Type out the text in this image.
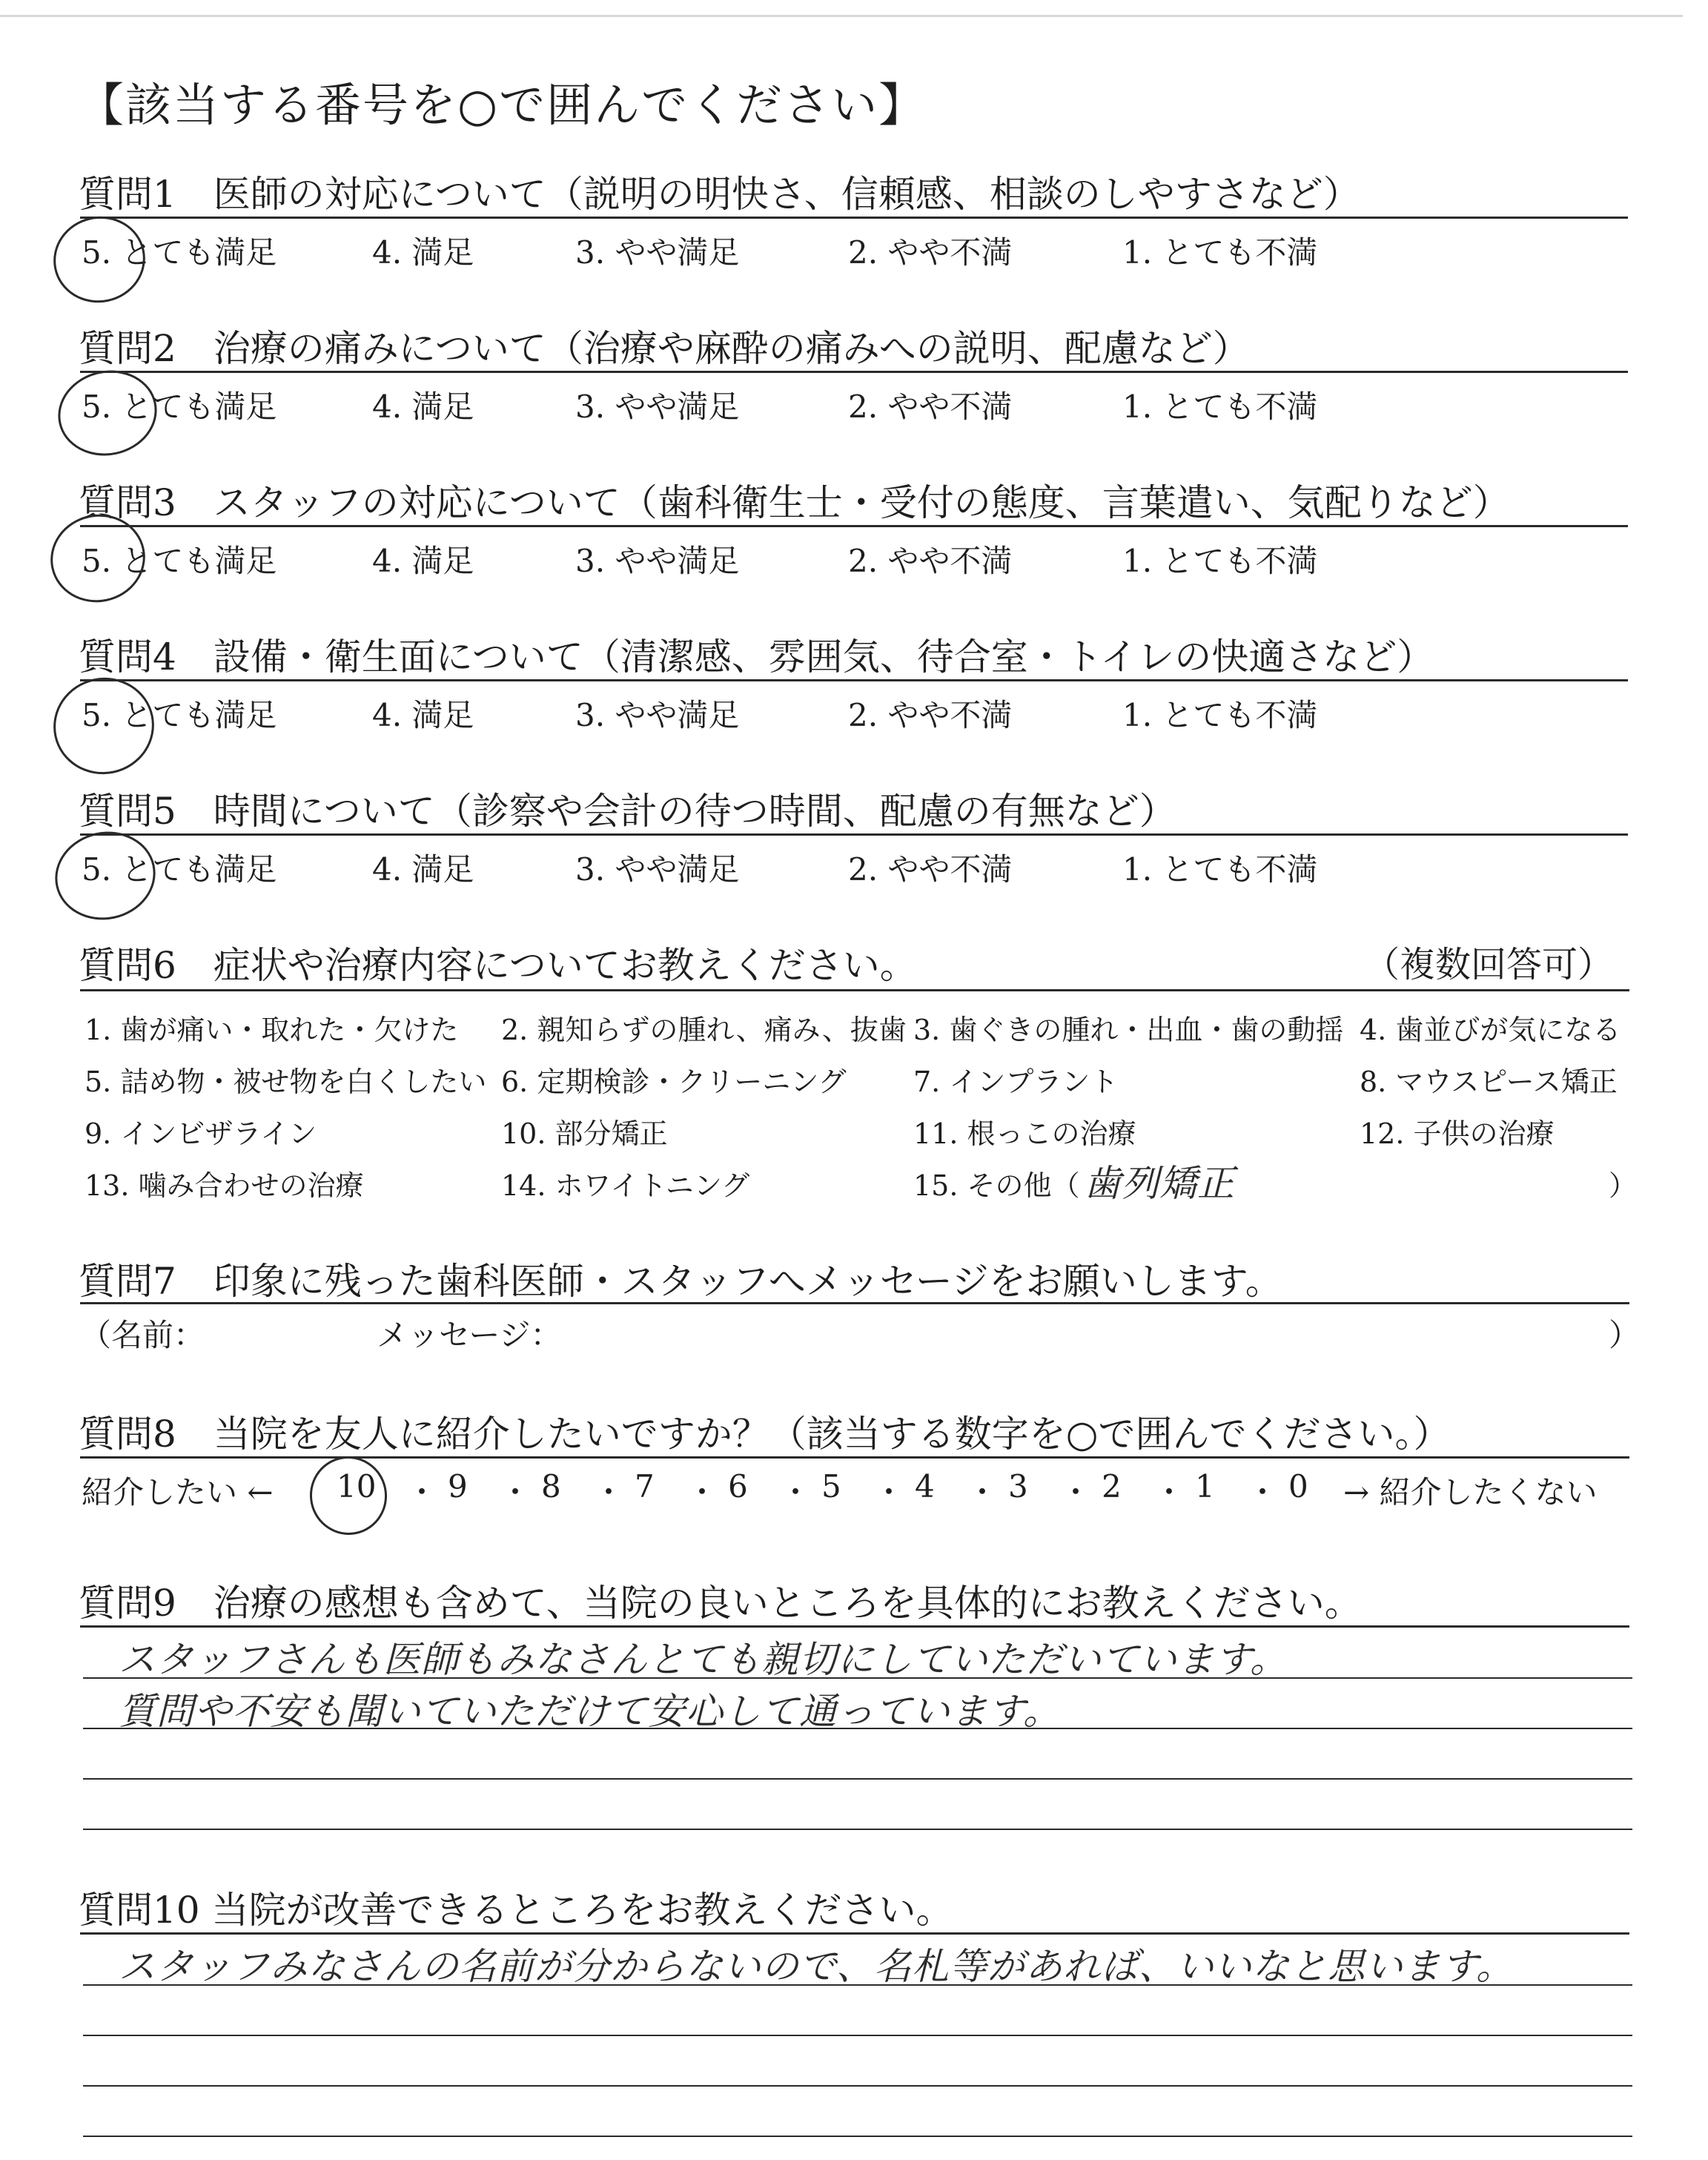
【該当する番号を○で囲んでください】
質問1　医師の対応について（説明の明快さ、信頼感、相談のしやすさなど）
5. とても満足	4. 満足	3. やや満足	2. やや不満	1. とても不満
質問2　治療の痛みについて（治療や麻酔の痛みへの説明、配慮など）
5. とても満足	4. 満足	3. やや満足	2. やや不満	1. とても不満
質問3　スタッフの対応について（歯科衛生士・受付の態度、言葉遣い、気配りなど）
5. とても満足	4. 満足	3. やや満足	2. やや不満	1. とても不満
質問4　設備・衛生面について（清潔感、雰囲気、待合室・トイレの快適さなど）
5. とても満足	4. 満足	3. やや満足	2. やや不満	1. とても不満
質問5　時間について（診察や会計の待つ時間、配慮の有無など）
5. とても満足	4. 満足	3. やや満足	2. やや不満	1. とても不満
質問6　症状や治療内容についてお教えください。	（複数回答可）
1. 歯が痛い・取れた・欠けた 2. 親知らずの腫れ、痛み、抜歯 3. 歯ぐきの腫れ・出血・歯の動揺 4. 歯並びが気になる
5. 詰め物・被せ物を白くしたい 6. 定期検診・クリーニング 7. インプラント	8. マウスピース矯正
9. インビザライン	10. 部分矯正	11. 根っこの治療	12. 子供の治療
13. 噛み合わせの治療	14. ホワイトニング	15. その他（ 歯列矯正	）
質問7　印象に残った歯科医師・スタッフへメッセージをお願いします。
（名前：	メッセージ：	）
質問8　当院を友人に紹介したいですか？（該当する数字を○で囲んでください。）
紹介したい ← 10 ・ 9 ・ 8 ・ 7 ・ 6 ・ 5 ・ 4 ・ 3 ・ 2 ・ 1 ・ 0 → 紹介したくない
質問9　治療の感想も含めて、当院の良いところを具体的にお教えください。
スタッフさんも医師もみなさんとても親切にしていただいています。
質問や不安も聞いていただけて安心して通っています。
質問10 当院が改善できるところをお教えください。
スタッフみなさんの名前が分からないので、名札等があれば、いいなと思います。
